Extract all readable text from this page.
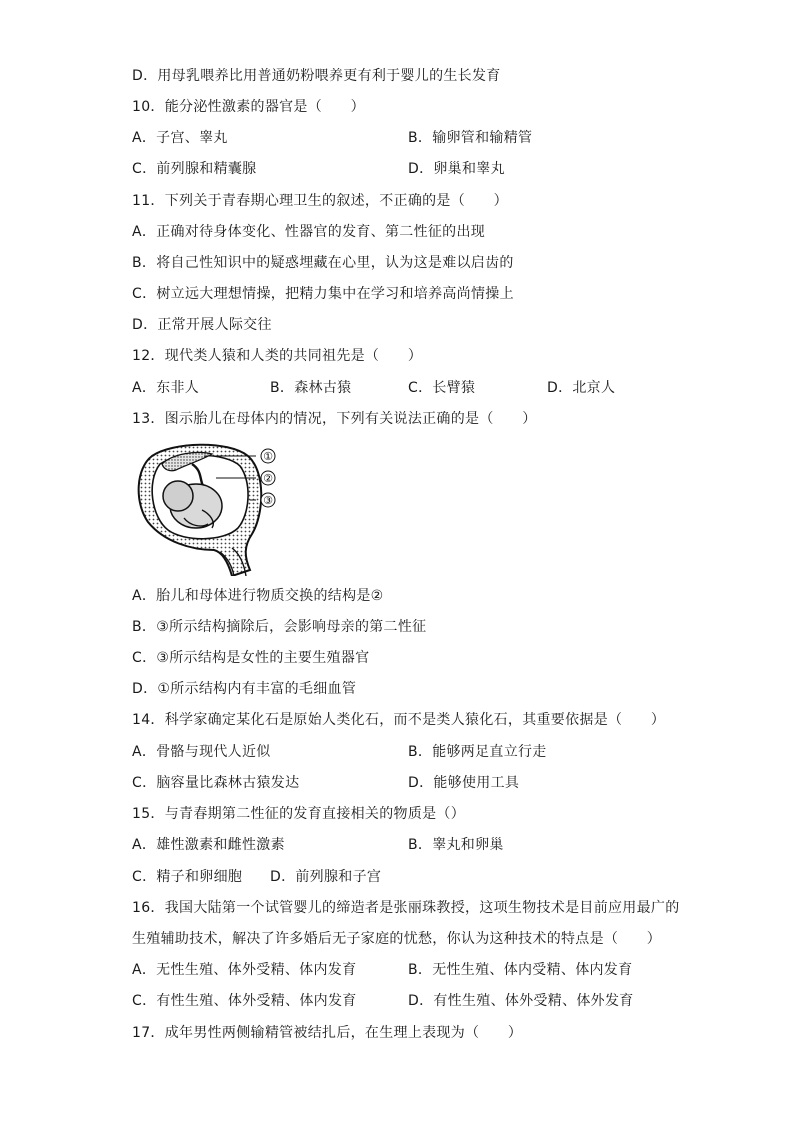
D．用母乳喂养比用普通奶粉喂养更有利于婴儿的生长发育
10．能分泌性激素的器官是（　　）
A．子宫、睾丸	B．输卵管和输精管
C．前列腺和精囊腺	D．卵巢和睾丸
11．下列关于青春期心理卫生的叙述，不正确的是（　　）
A．正确对待身体变化、性器官的发育、第二性征的出现
B．将自己性知识中的疑惑埋藏在心里，认为这是难以启齿的
C．树立远大理想情操，把精力集中在学习和培养高尚情操上
D．正常开展人际交往
12．现代类人猿和人类的共同祖先是（　　）
A．东非人	B．森林古猿	C．长臂猿	D．北京人
13．图示胎儿在母体内的情况，下列有关说法正确的是（　　）
①
②
③
A．胎儿和母体进行物质交换的结构是②
B．③所示结构摘除后，会影响母亲的第二性征
C．③所示结构是女性的主要生殖器官
D．①所示结构内有丰富的毛细血管
14．科学家确定某化石是原始人类化石，而不是类人猿化石，其重要依据是（　　）
A．骨骼与现代人近似	B．能够两足直立行走
C．脑容量比森林古猿发达	D．能够使用工具
15．与青春期第二性征的发育直接相关的物质是（）
A．雄性激素和雌性激素	B．睾丸和卵巢
C．精子和卵细胞 D．前列腺和子宫
16．我国大陆第一个试管婴儿的缔造者是张丽珠教授，这项生物技术是目前应用最广的
生殖辅助技术，解决了许多婚后无子家庭的忧愁，你认为这种技术的特点是（　　）
A．无性生殖、体外受精、体内发育	B．无性生殖、体内受精、体内发育
C．有性生殖、体外受精、体内发育	D．有性生殖、体外受精、体外发育
17．成年男性两侧输精管被结扎后，在生理上表现为（　　）
